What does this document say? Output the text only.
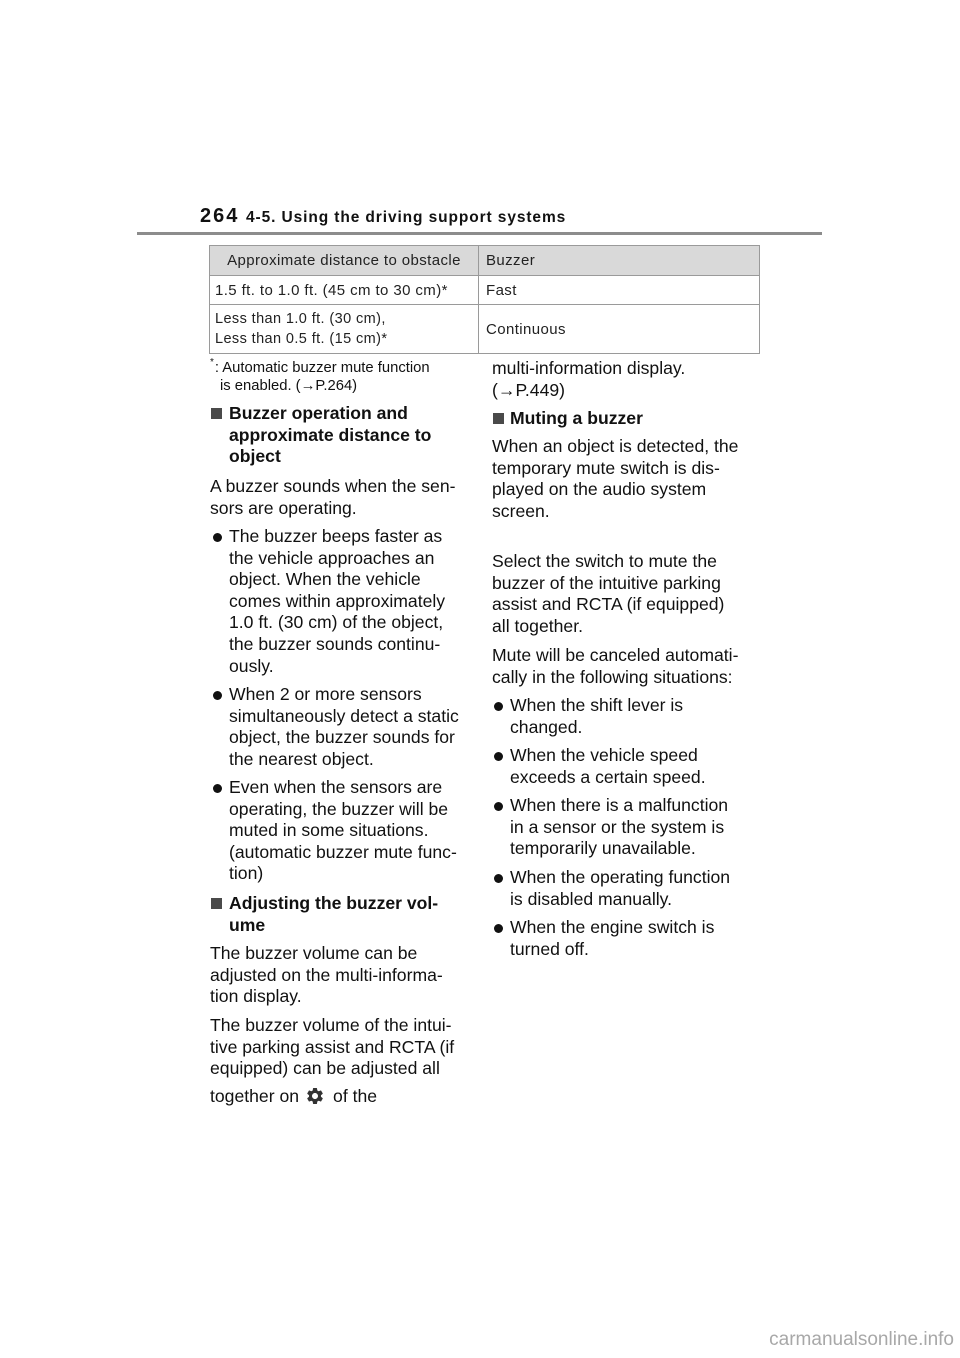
264 4-5. Using the driving support systems
Approximate distance to obstacle	Buzzer

1.5 ft. to 1.0 ft. (45 cm to 30 cm)*	Fast

Less than 1.0 ft. (30 cm),
Less than 0.5 ft. (15 cm)*	Continuous
*: Automatic buzzer mute function
is enabled. (→P.264)
Buzzer operation and
approximate distance to
object
A buzzer sounds when the sen-
sors are operating.
The buzzer beeps faster as
the vehicle approaches an
object. When the vehicle
comes within approximately
1.0 ft. (30 cm) of the object,
the buzzer sounds continu-
ously.
When 2 or more sensors
simultaneously detect a static
object, the buzzer sounds for
the nearest object.
Even when the sensors are
operating, the buzzer will be
muted in some situations.
(automatic buzzer mute func-
tion)
Adjusting the buzzer vol-
ume
The buzzer volume can be
adjusted on the multi-informa-
tion display.
The buzzer volume of the intui-
tive parking assist and RCTA (if
equipped) can be adjusted all
together on of the
multi-information display.
(→P.449)
Muting a buzzer
When an object is detected, the
temporary mute switch is dis-
played on the audio system
screen.
Select the switch to mute the
buzzer of the intuitive parking
assist and RCTA (if equipped)
all together.
Mute will be canceled automati-
cally in the following situations:
When the shift lever is
changed.
When the vehicle speed
exceeds a certain speed.
When there is a malfunction
in a sensor or the system is
temporarily unavailable.
When the operating function
is disabled manually.
When the engine switch is
turned off.
carmanualsonline.info
